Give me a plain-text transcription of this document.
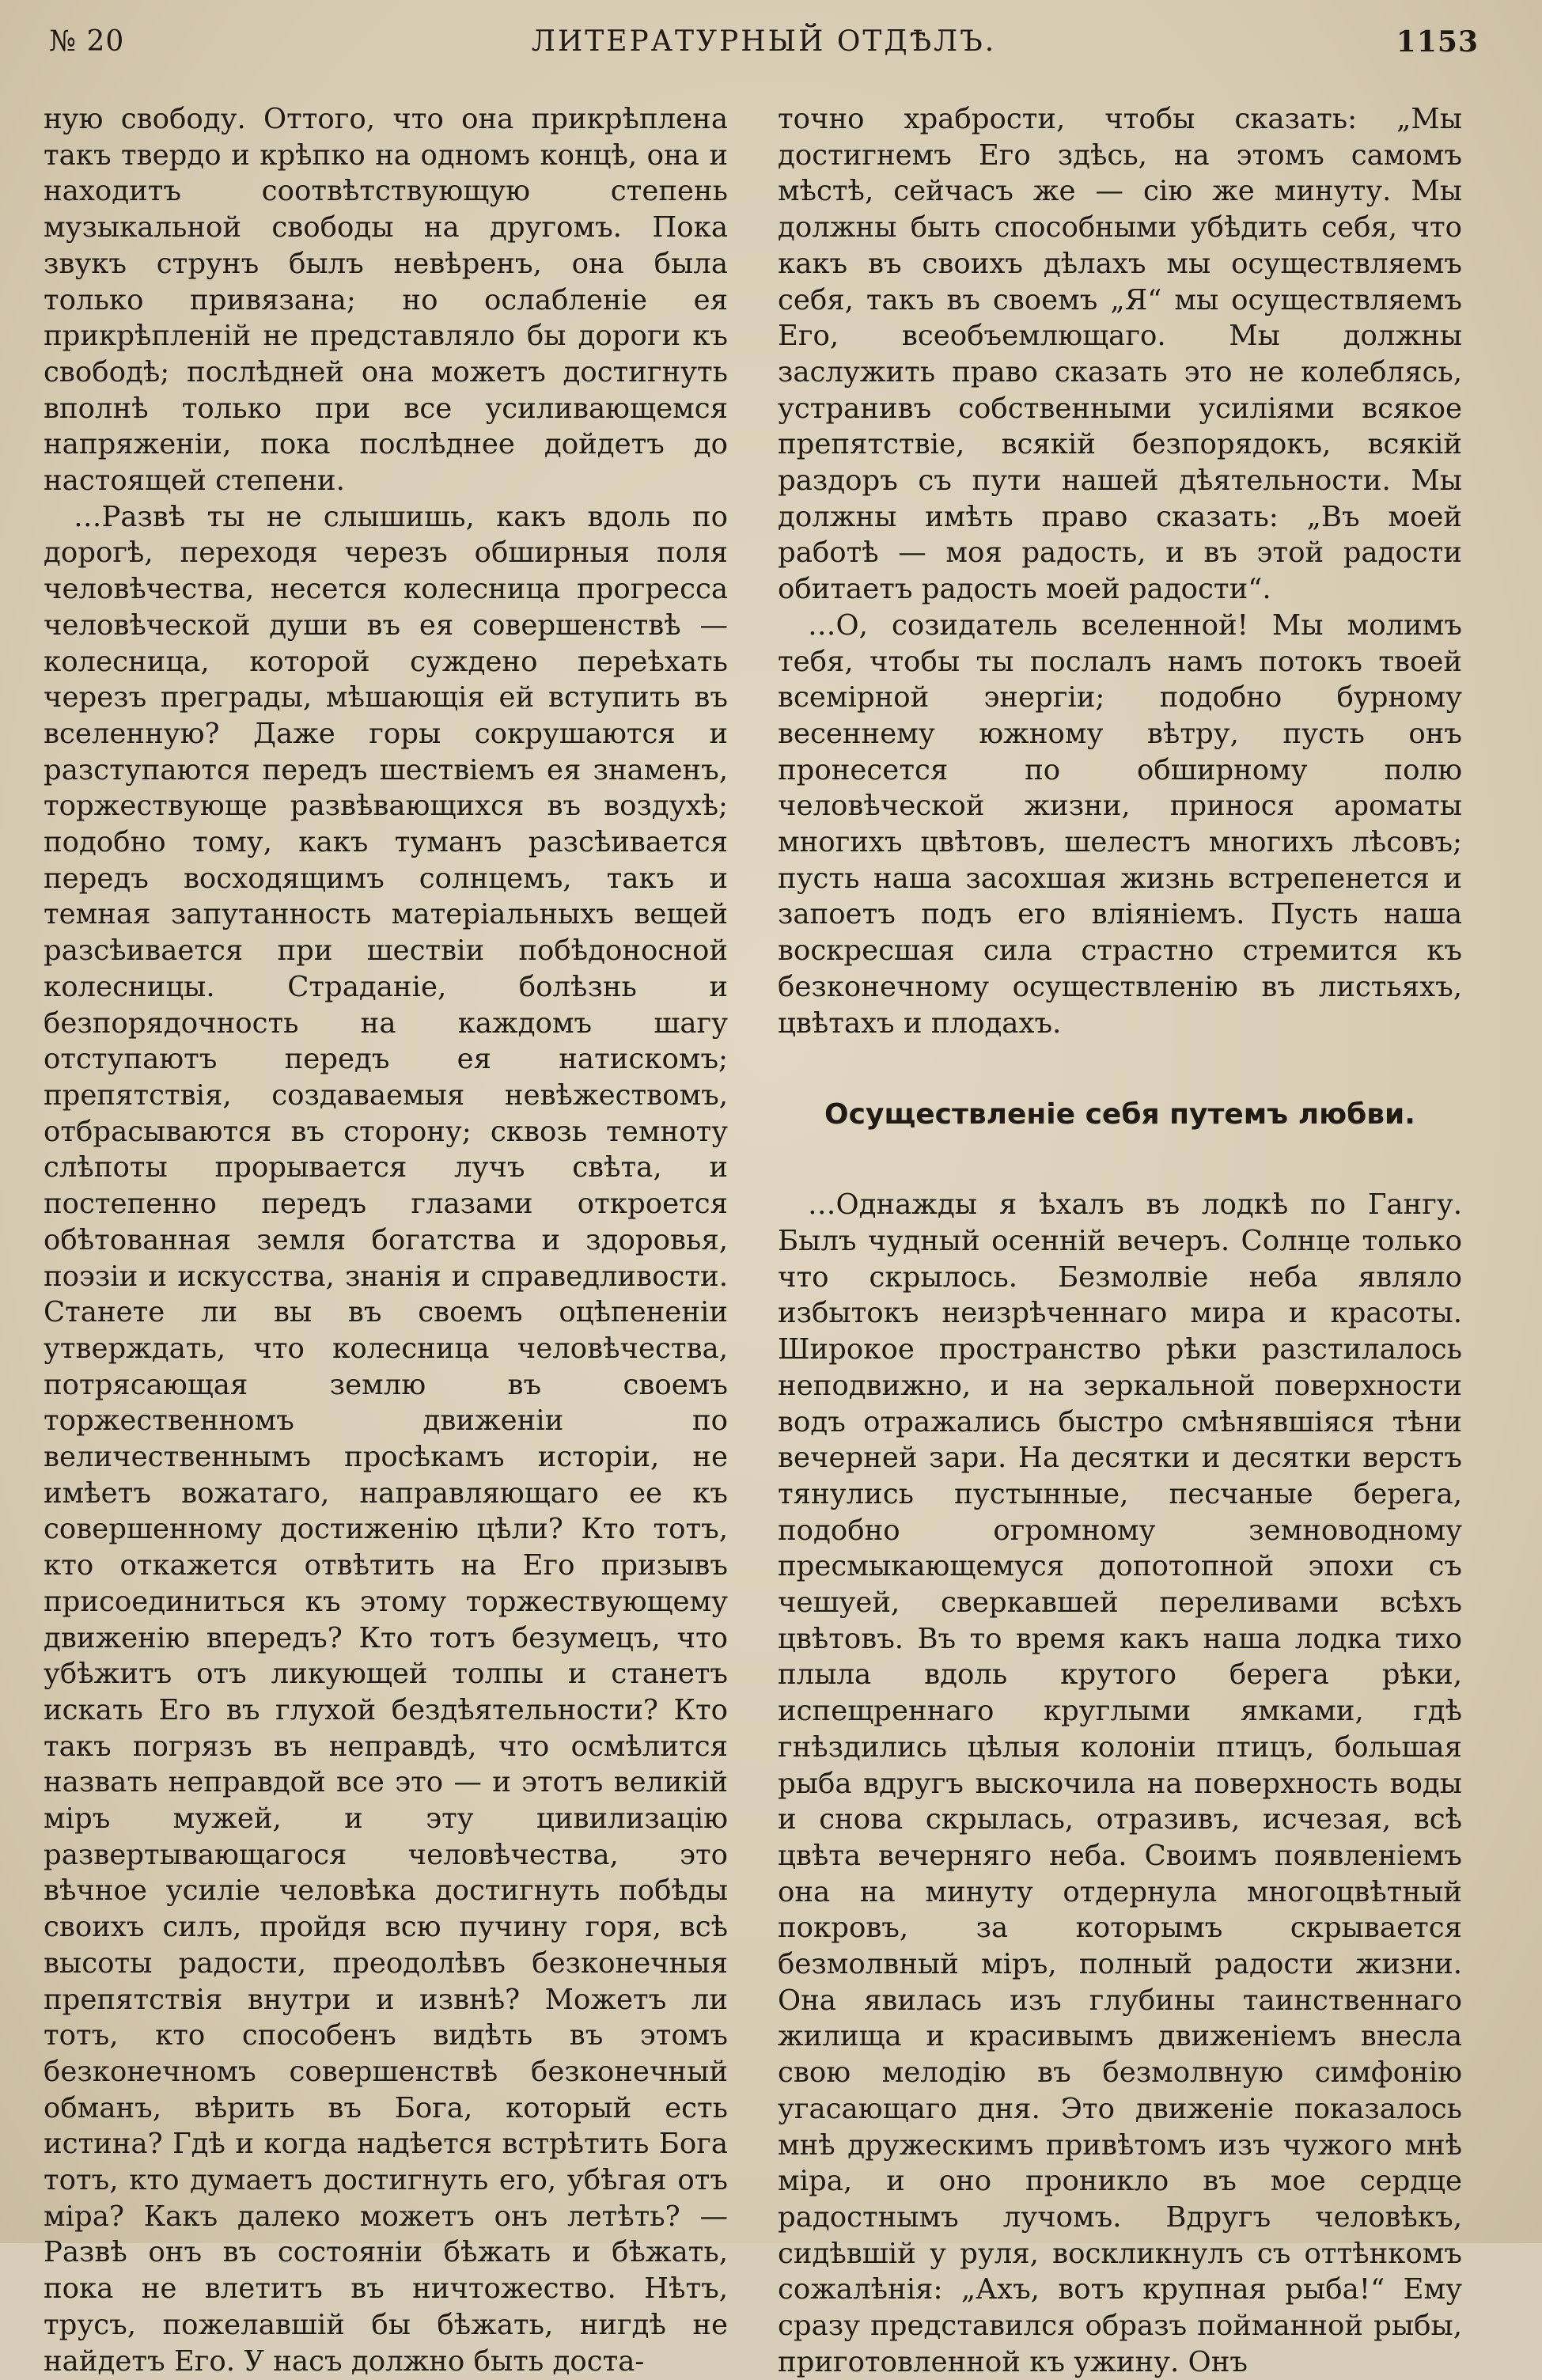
№ 20	ЛИТЕРАТУРНЫЙ ОТДѢЛЪ.	1153

ную свободу. Оттого, что она прикрѣплена такъ твердо и крѣпко на одномъ концѣ, она и находитъ соотвѣтствующую степень музыкальной свободы на другомъ. Пока звукъ струнъ былъ невѣренъ, она была только привязана; но ослабленіе ея прикрѣпленій не представляло бы дороги къ свободѣ; послѣдней она можетъ достигнуть вполнѣ только при все усиливающемся напряженіи, пока послѣднее дойдетъ до настоящей степени.

…Развѣ ты не слышишь, какъ вдоль по дорогѣ, переходя черезъ обширныя поля человѣчества, несется колесница прогресса человѣческой души въ ея совершенствѣ — колесница, которой суждено переѣхать черезъ преграды, мѣшающія ей вступить въ вселенную? Даже горы сокрушаются и разступаются передъ шествіемъ ея знаменъ, торжествующе развѣвающихся въ воздухѣ; подобно тому, какъ туманъ разсѣивается передъ восходящимъ солнцемъ, такъ и темная запутанность матеріальныхъ вещей разсѣивается при шествіи побѣдоносной колесницы. Страданіе, болѣзнь и безпорядочность на каждомъ шагу отступаютъ передъ ея натискомъ; препятствія, создаваемыя невѣжествомъ, отбрасываются въ сторону; сквозь темноту слѣпоты прорывается лучъ свѣта, и постепенно передъ глазами откроется обѣтованная земля богатства и здоровья, поэзіи и искусства, знанія и справедливости. Станете ли вы въ своемъ оцѣпененіи утверждать, что колесница человѣчества, потрясающая землю въ своемъ торжественномъ движеніи по величественнымъ просѣкамъ исторіи, не имѣетъ вожатаго, направляющаго ее къ совершенному достиженію цѣли? Кто тотъ, кто откажется отвѣтить на Его призывъ присоединиться къ этому торжествующему движенію впередъ? Кто тотъ безумецъ, что убѣжитъ отъ ликующей толпы и станетъ искать Его въ глухой бездѣятельности? Кто такъ погрязъ въ неправдѣ, что осмѣлится назвать неправдой все это — и этотъ великій міръ мужей, и эту цивилизацію развертывающагося человѣчества, это вѣчное усиліе человѣка достигнуть побѣды своихъ силъ, пройдя всю пучину горя, всѣ высоты радости, преодолѣвъ безконечныя препятствія внутри и извнѣ? Можетъ ли тотъ, кто способенъ видѣть въ этомъ безконечномъ совершенствѣ безконечный обманъ, вѣрить въ Бога, который есть истина? Гдѣ и когда надѣется встрѣтить Бога тотъ, кто думаетъ достигнуть его, убѣгая отъ міра? Какъ далеко можетъ онъ летѣть? — Развѣ онъ въ состояніи бѣжать и бѣжать, пока не влетитъ въ ничтожество. Нѣтъ, трусъ, пожелавшій бы бѣжать, нигдѣ не найдетъ Его. У насъ должно быть доста-

точно храбрости, чтобы сказать: „Мы достигнемъ Его здѣсь, на этомъ самомъ мѣстѣ, сейчасъ же — сію же минуту. Мы должны быть способными убѣдить себя, что какъ въ своихъ дѣлахъ мы осуществляемъ себя, такъ въ своемъ „Я“ мы осуществляемъ Его, всеобъемлющаго. Мы должны заслужить право сказать это не колеблясь, устранивъ собственными усиліями всякое препятствіе, всякій безпорядокъ, всякій раздоръ съ пути нашей дѣятельности. Мы должны имѣть право сказать: „Въ моей работѣ — моя радость, и въ этой радости обитаетъ радость моей радости“.

…О, созидатель вселенной! Мы молимъ тебя, чтобы ты послалъ намъ потокъ твоей всемірной энергіи; подобно бурному весеннему южному вѣтру, пусть онъ пронесется по обширному полю человѣческой жизни, принося ароматы многихъ цвѣтовъ, шелестъ многихъ лѣсовъ; пусть наша засохшая жизнь встрепенется и запоетъ подъ его вліяніемъ. Пусть наша воскресшая сила страстно стремится къ безконечному осуществленію въ листьяхъ, цвѣтахъ и плодахъ.

Осуществленіе себя путемъ любви.

…Однажды я ѣхалъ въ лодкѣ по Гангу. Былъ чудный осенній вечеръ. Солнце только что скрылось. Безмолвіе неба являло избытокъ неизрѣченнаго мира и красоты. Широкое пространство рѣки разстилалось неподвижно, и на зеркальной поверхности водъ отражались быстро смѣнявшіяся тѣни вечерней зари. На десятки и десятки верстъ тянулись пустынные, песчаные берега, подобно огромному земноводному пресмыкающемуся допотопной эпохи съ чешуей, сверкавшей переливами всѣхъ цвѣтовъ. Въ то время какъ наша лодка тихо плыла вдоль крутого берега рѣки, испещреннаго круглыми ямками, гдѣ гнѣздились цѣлыя колоніи птицъ, большая рыба вдругъ выскочила на поверхность воды и снова скрылась, отразивъ, исчезая, всѣ цвѣта вечерняго неба. Своимъ появленіемъ она на минуту отдернула многоцвѣтный покровъ, за которымъ скрывается безмолвный міръ, полный радости жизни. Она явилась изъ глубины таинственнаго жилища и красивымъ движеніемъ внесла свою мелодію въ безмолвную симфонію угасающаго дня. Это движеніе показалось мнѣ дружескимъ привѣтомъ изъ чужого мнѣ міра, и оно проникло въ мое сердце радостнымъ лучомъ. Вдругъ человѣкъ, сидѣвшій у руля, воскликнулъ съ оттѣнкомъ сожалѣнія: „Ахъ, вотъ крупная рыба!“ Ему сразу представился образъ пойманной рыбы, приготовленной къ ужину. Онъ
